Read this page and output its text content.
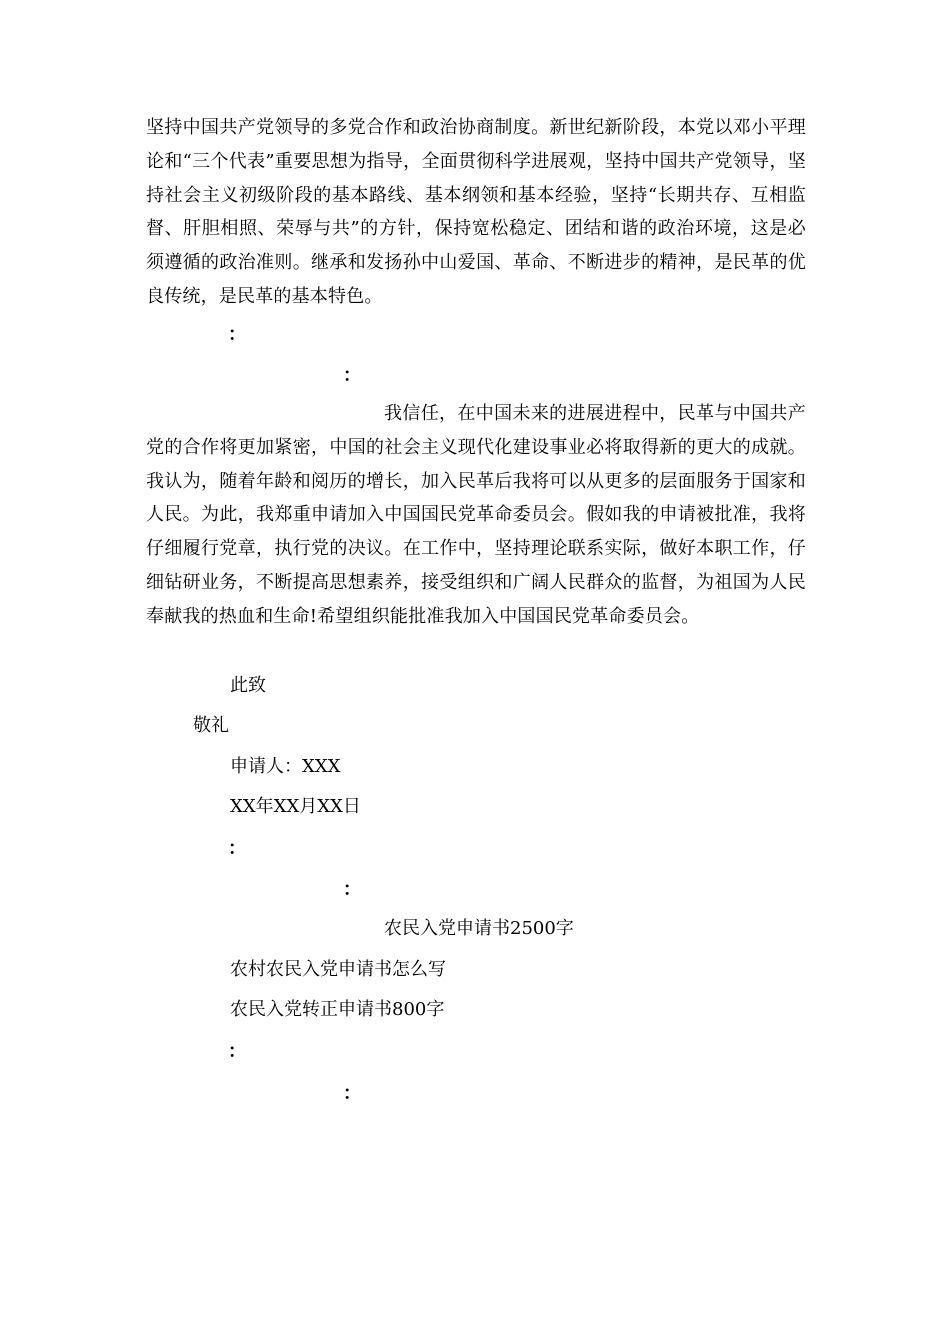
坚持中国共产党领导的多党合作和政治协商制度。新世纪新阶段，本党以邓小平理论和“三个代表”重要思想为指导，全面贯彻科学进展观，坚持中国共产党领导，坚持社会主义初级阶段的基本路线、基本纲领和基本经验，坚持“长期共存、互相监督、肝胆相照、荣辱与共”的方针，保持宽松稳定、团结和谐的政治环境，这是必须遵循的政治准则。继承和发扬孙中山爱国、革命、不断进步的精神，是民革的优良传统，是民革的基本特色。

：

：

我信任，在中国未来的进展进程中，民革与中国共产党的合作将更加紧密，中国的社会主义现代化建设事业必将取得新的更大的成就。我认为，随着年龄和阅历的增长，加入民革后我将可以从更多的层面服务于国家和人民。为此，我郑重申请加入中国国民党革命委员会。假如我的申请被批准，我将仔细履行党章，执行党的决议。在工作中，坚持理论联系实际，做好本职工作，仔细钻研业务，不断提高思想素养，接受组织和广阔人民群众的监督，为祖国为人民奉献我的热血和生命!希望组织能批准我加入中国国民党革命委员会。

此致

敬礼

申请人：XXX

XX年XX月XX日

：

：

农民入党申请书2500字

农村农民入党申请书怎么写

农民入党转正申请书800字

：

：
